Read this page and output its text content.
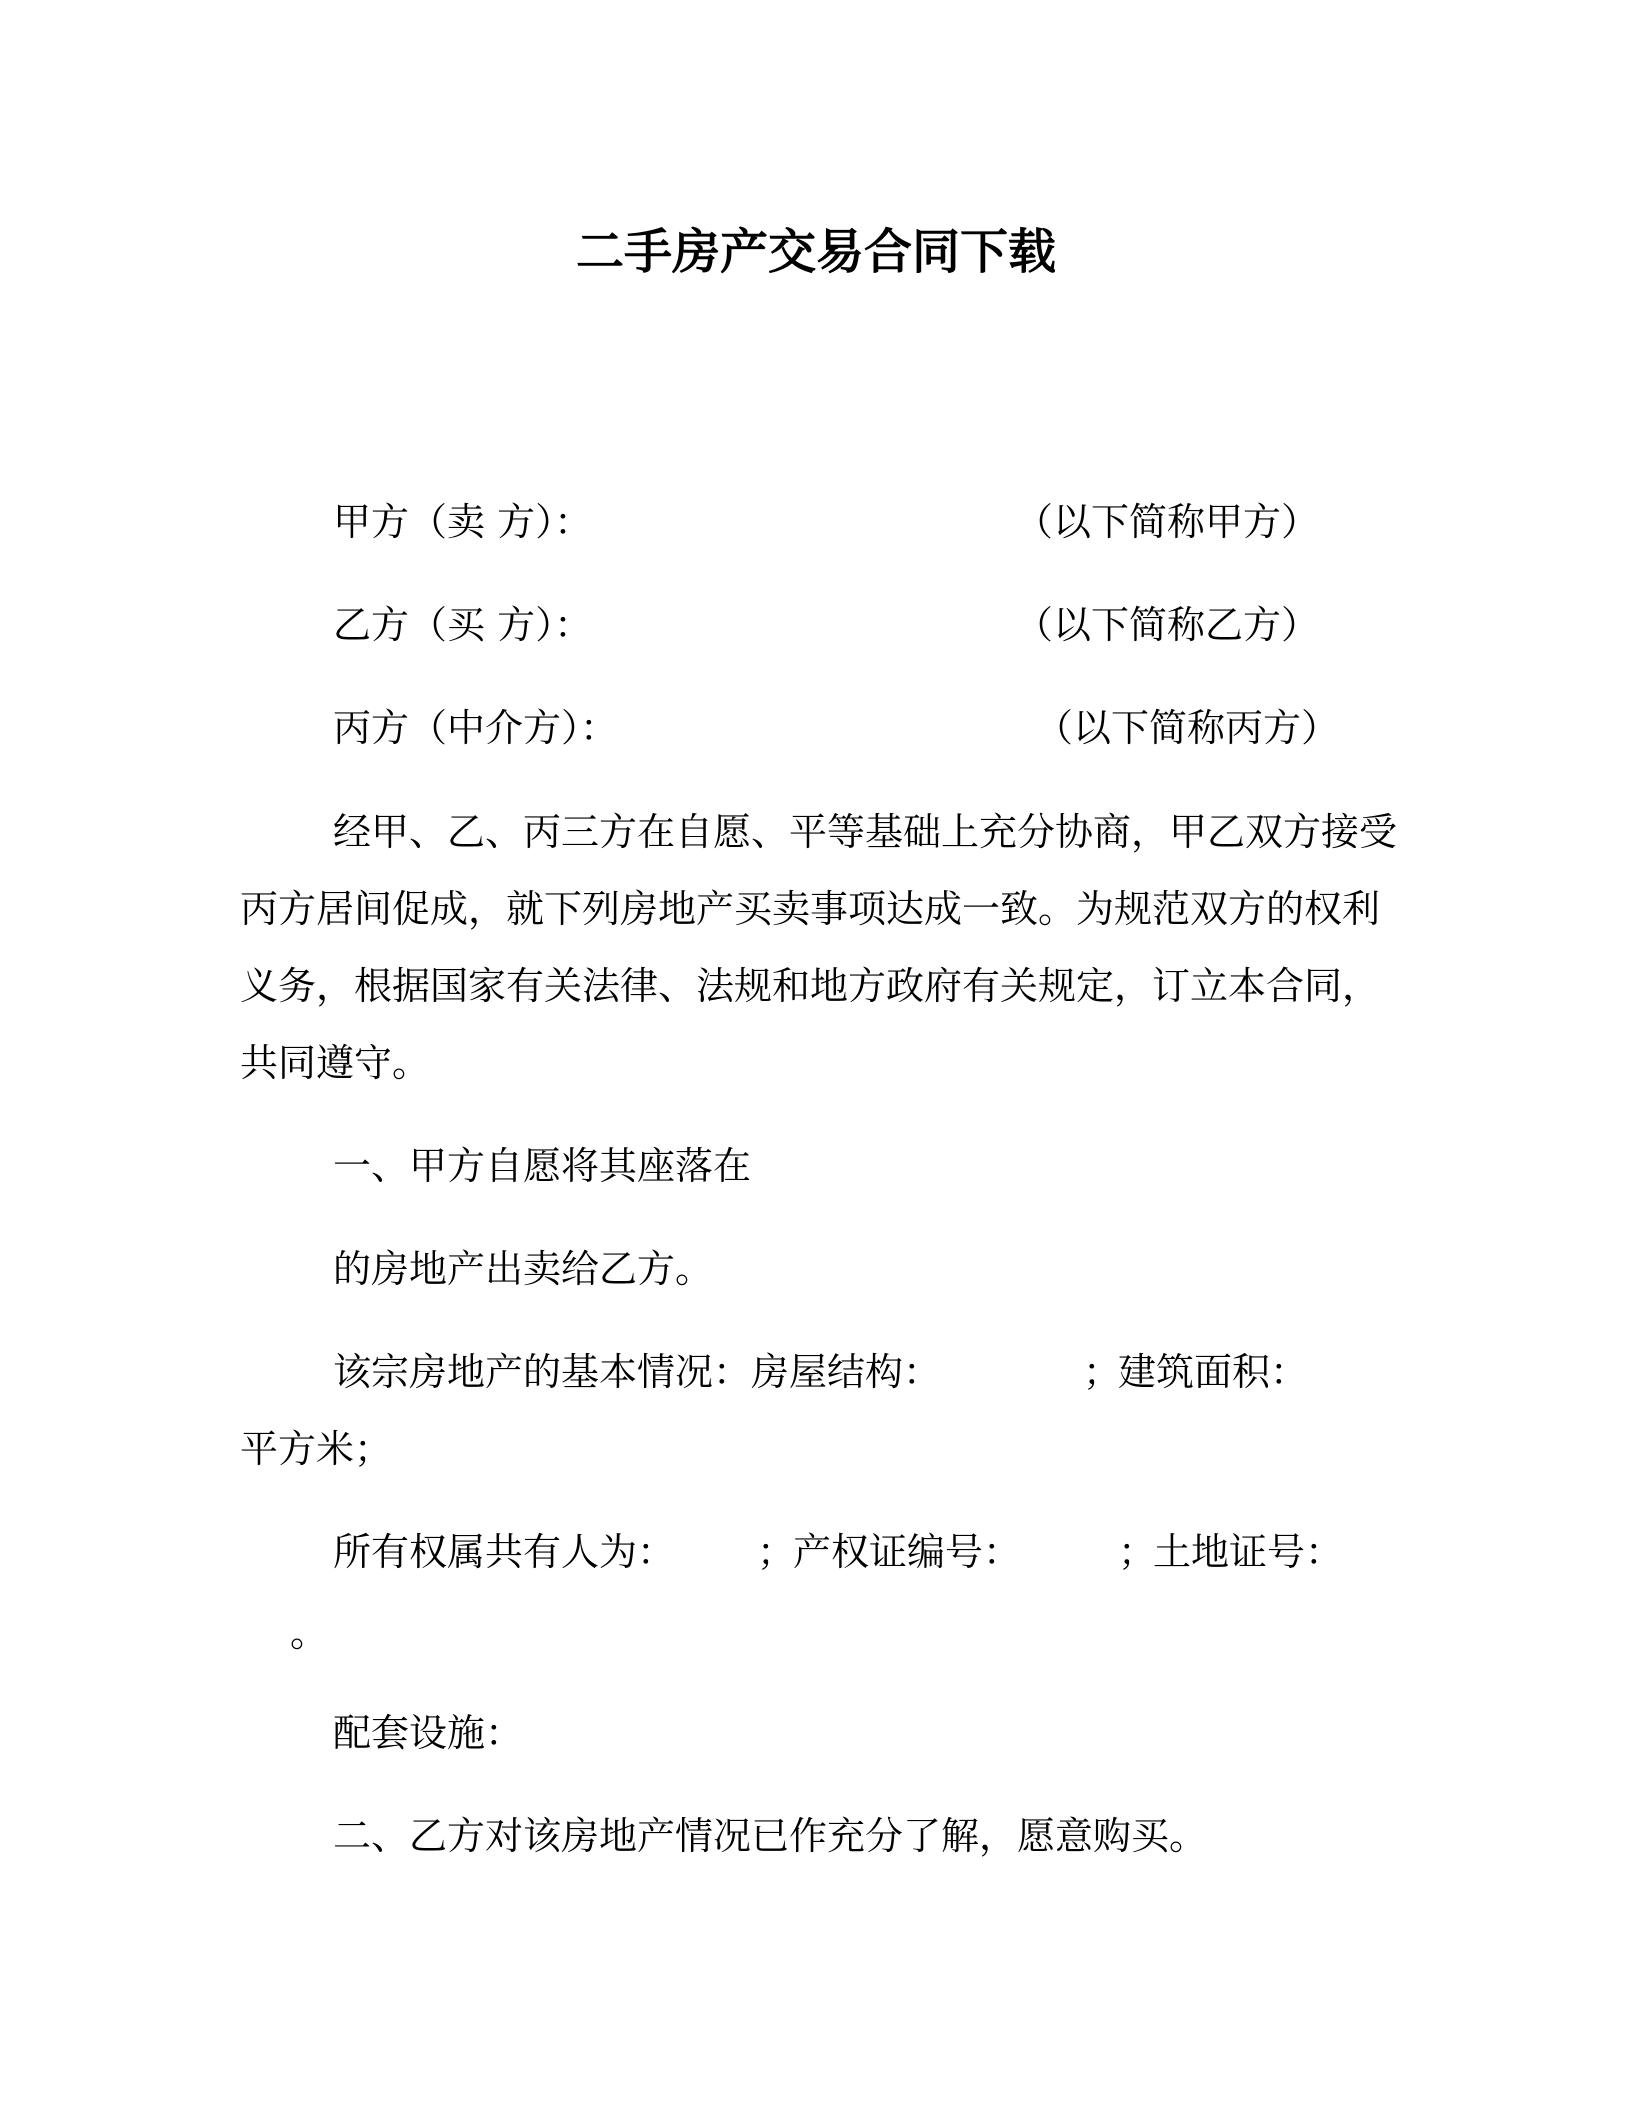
二手房产交易合同下载
甲方（卖 方）：	（以下简称甲方）
乙方（买 方）：	（以下简称乙方）
丙方（中介方）：	（以下简称丙方）
经甲、乙、丙三方在自愿、平等基础上充分协商，甲乙双方接受
丙方居间促成，就下列房地产买卖事项达成一致。为规范双方的权利
义务，根据国家有关法律、法规和地方政府有关规定，订立本合同，
共同遵守。
一、甲方自愿将其座落在
的房地产出卖给乙方。
该宗房地产的基本情况：房屋结构：	；
建筑面积：
平方米；
所有权属共有人为： ；
产权证编号：	；
土地证号：
。
配套设施：
二、乙方对该房地产情况已作充分了解，愿意购买。
